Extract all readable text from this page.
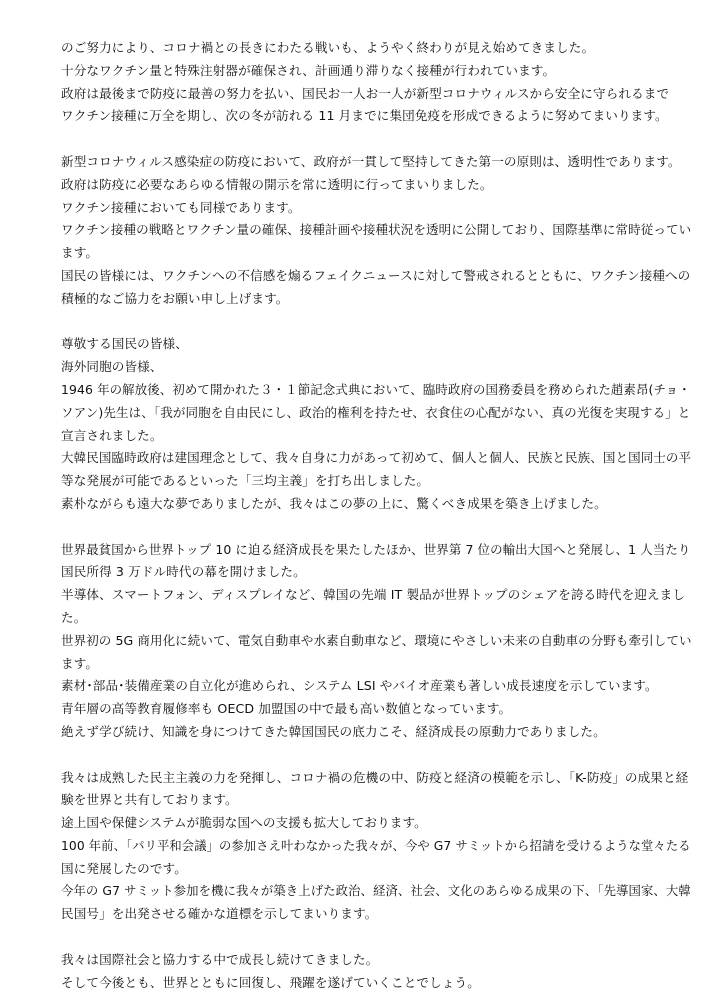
のご努力により、コロナ禍との長きにわたる戦いも、ようやく終わりが見え始めてきました。
十分なワクチン量と特殊注射器が確保され、計画通り滞りなく接種が行われています。
政府は最後まで防疫に最善の努力を払い、国民お一人お一人が新型コロナウィルスから安全に守られるまで
ワクチン接種に万全を期し、次の冬が訪れる 11 月までに集団免疫を形成できるように努めてまいります。
新型コロナウィルス感染症の防疫において、政府が一貫して堅持してきた第一の原則は、透明性であります。
政府は防疫に必要なあらゆる情報の開示を常に透明に行ってまいりました。
ワクチン接種においても同様であります。
ワクチン接種の戦略とワクチン量の確保、接種計画や接種状況を透明に公開しており、国際基準に常時従ってい
ます。
国民の皆様には、ワクチンへの不信感を煽るフェイクニュースに対して警戒されるとともに、ワクチン接種への
積極的なご協力をお願い申し上げます。
尊敬する国民の皆様、
海外同胞の皆様、
1946 年の解放後、初めて開かれた３・１節記念式典において、臨時政府の国務委員を務められた趙素昂(チョ・
ソアン)先生は、「我が同胞を自由民にし、政治的権利を持たせ、衣食住の心配がない、真の光復を実現する」と
宣言されました。
大韓民国臨時政府は建国理念として、我々自身に力があって初めて、個人と個人、民族と民族、国と国同士の平
等な発展が可能であるといった「三均主義」を打ち出しました。
素朴ながらも遠大な夢でありましたが、我々はこの夢の上に、驚くべき成果を築き上げました。
世界最貧国から世界トップ 10 に迫る経済成長を果たしたほか、世界第 7 位の輸出大国へと発展し、1 人当たり
国民所得 3 万ドル時代の幕を開けました。
半導体、スマートフォン、ディスプレイなど、韓国の先端 IT 製品が世界トップのシェアを誇る時代を迎えまし
た。
世界初の 5G 商用化に続いて、電気自動車や水素自動車など、環境にやさしい未来の自動車の分野も牽引してい
ます。
素材･部品･装備産業の自立化が進められ、システム LSI やバイオ産業も著しい成長速度を示しています。
青年層の高等教育履修率も OECD 加盟国の中で最も高い数値となっています。
絶えず学び続け、知識を身につけてきた韓国国民の底力こそ、経済成長の原動力でありました。
我々は成熟した民主主義の力を発揮し、コロナ禍の危機の中、防疫と経済の模範を示し、「K-防疫」の成果と経
験を世界と共有しております。
途上国や保健システムが脆弱な国への支援も拡大しております。
100 年前、「パリ平和会議」の参加さえ叶わなかった我々が、今や G7 サミットから招請を受けるような堂々たる
国に発展したのです。
今年の G7 サミット参加を機に我々が築き上げた政治、経済、社会、文化のあらゆる成果の下、「先導国家、大韓
民国号」を出発させる確かな道標を示してまいります。
我々は国際社会と協力する中で成長し続けてきました。
そして今後とも、世界とともに回復し、飛躍を遂げていくことでしょう。
